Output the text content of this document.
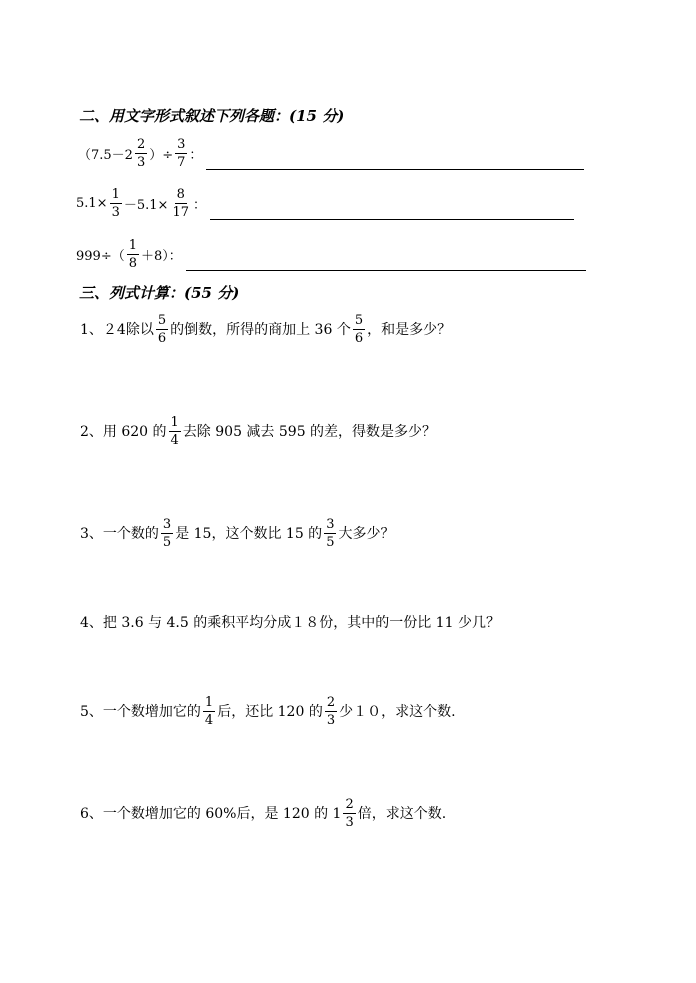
二、用文字形式叙述下列各题：(15 分)
（$7.5-2 \frac{2}{3}$ ）÷ $\frac{3}{7}$ ：
$5.1\times \frac{1}{3} -5.1\times \frac{8}{17}$ ：
$999\div( \frac{1}{8} +8)$：
三、列式计算：(55 分)
1、２4除以 $\frac{5}{6}$ 的倒数，所得的商加上 36 个 $\frac{5}{6}$ ，和是多少？
2、用 620 的 $\frac{1}{4}$ 去除 905 减去 595 的差，得数是多少？
3、一个数的 $\frac{3}{5}$ 是 15，这个数比 15 的 $\frac{3}{5}$ 大多少？
4、把 3.6 与 4.5 的乘积平均分成１８份，其中的一份比 11 少几？
5、一个数增加它的 $\frac{1}{4}$ 后，还比 120 的 $\frac{2}{3}$ 少１０，求这个数.
6、一个数增加它的 60%后，是 120 的 $1 \frac{2}{3}$ 倍，求这个数.
